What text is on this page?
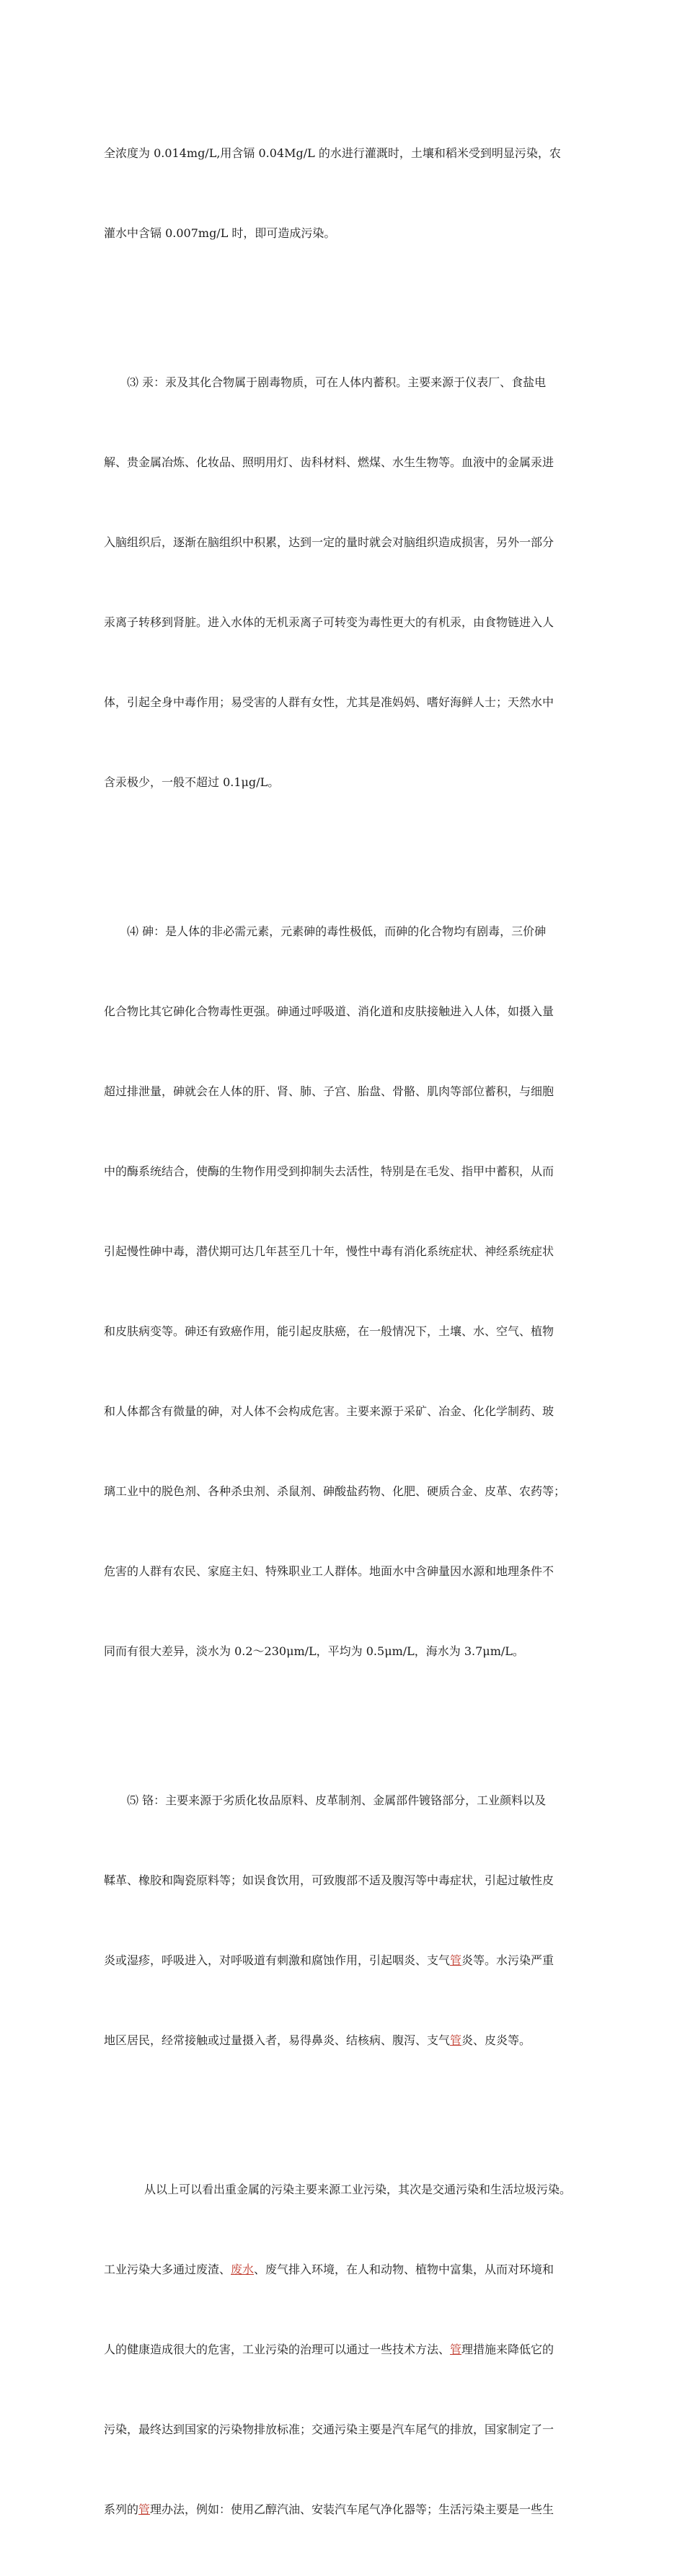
全浓度为 0.014mg/L,用含镉 0.04Mg/L 的水进行灌溉时，土壤和稻米受到明显污染，农

灌水中含镉 0.007mg/L 时，即可造成污染。

⑶ 汞：汞及其化合物属于剧毒物质，可在人体内蓄积。主要来源于仪表厂、食盐电

解、贵金属冶炼、化妆品、照明用灯、齿科材料、燃煤、水生生物等。血液中的金属汞进

入脑组织后，逐渐在脑组织中积累，达到一定的量时就会对脑组织造成损害，另外一部分

汞离子转移到肾脏。进入水体的无机汞离子可转变为毒性更大的有机汞，由食物链进入人

体，引起全身中毒作用；易受害的人群有女性，尤其是准妈妈、嗜好海鲜人士；天然水中

含汞极少，一般不超过 0.1μg/L。

⑷ 砷：是人体的非必需元素，元素砷的毒性极低，而砷的化合物均有剧毒，三价砷

化合物比其它砷化合物毒性更强。砷通过呼吸道、消化道和皮肤接触进入人体，如摄入量

超过排泄量，砷就会在人体的肝、肾、肺、子宫、胎盘、骨骼、肌肉等部位蓄积，与细胞

中的酶系统结合，使酶的生物作用受到抑制失去活性，特别是在毛发、指甲中蓄积，从而

引起慢性砷中毒，潜伏期可达几年甚至几十年，慢性中毒有消化系统症状、神经系统症状

和皮肤病变等。砷还有致癌作用，能引起皮肤癌，在一般情况下，土壤、水、空气、植物

和人体都含有微量的砷，对人体不会构成危害。主要来源于采矿、冶金、化化学制药、玻

璃工业中的脱色剂、各种杀虫剂、杀鼠剂、砷酸盐药物、化肥、硬质合金、皮革、农药等；

危害的人群有农民、家庭主妇、特殊职业工人群体。地面水中含砷量因水源和地理条件不

同而有很大差异，淡水为 0.2～230μm/L，平均为 0.5μm/L，海水为 3.7μm/L。

⑸ 铬：主要来源于劣质化妆品原料、皮革制剂、金属部件镀铬部分，工业颜料以及

鞣革、橡胶和陶瓷原料等；如误食饮用，可致腹部不适及腹泻等中毒症状，引起过敏性皮

炎或湿疹，呼吸进入，对呼吸道有刺激和腐蚀作用，引起咽炎、支气管炎等。水污染严重

地区居民，经常接触或过量摄入者，易得鼻炎、结核病、腹泻、支气管炎、皮炎等。

从以上可以看出重金属的污染主要来源工业污染，其次是交通污染和生活垃圾污染。

工业污染大多通过废渣、废水、废气排入环境，在人和动物、植物中富集，从而对环境和

人的健康造成很大的危害，工业污染的治理可以通过一些技术方法、管理措施来降低它的

污染，最终达到国家的污染物排放标准；交通污染主要是汽车尾气的排放，国家制定了一

系列的管理办法，例如：使用乙醇汽油、安装汽车尾气净化器等；生活污染主要是一些生
